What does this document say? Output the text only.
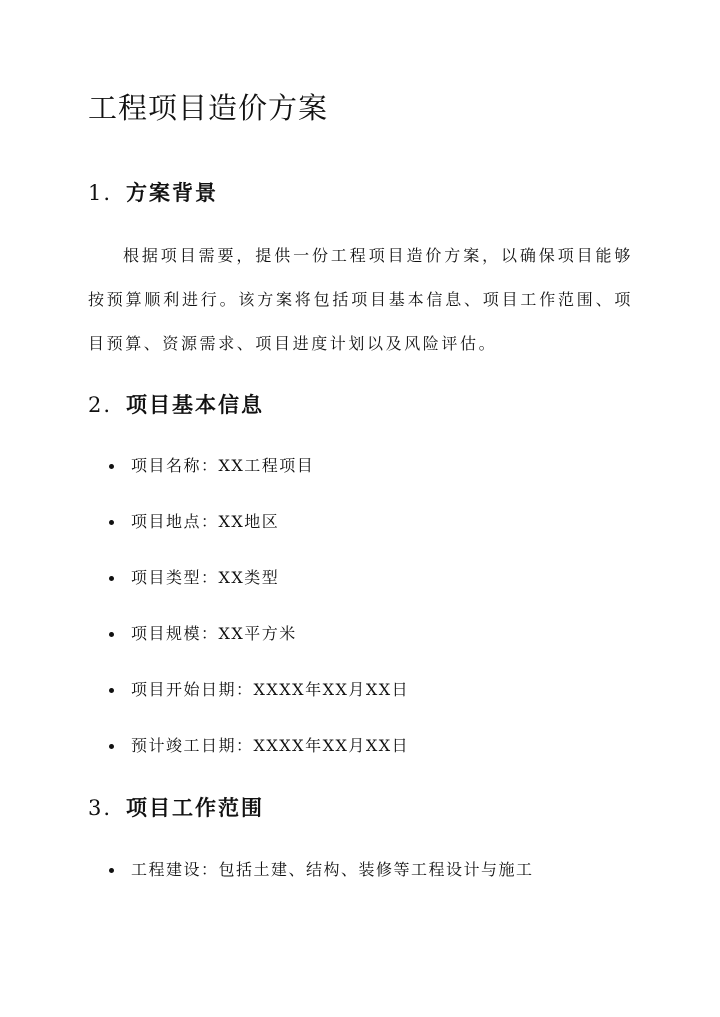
工程项目造价方案
1. 方案背景

根据项目需要，提供一份工程项目造价方案，以确保项目能够按预算顺利进行。该方案将包括项目基本信息、项目工作范围、项目预算、资源需求、项目进度计划以及风险评估。

2. 项目基本信息
项目名称：XX工程项目
项目地点：XX地区
项目类型：XX类型
项目规模：XX平方米
项目开始日期：XXXX年XX月XX日
预计竣工日期：XXXX年XX月XX日
3. 项目工作范围
工程建设：包括土建、结构、装修等工程设计与施工
